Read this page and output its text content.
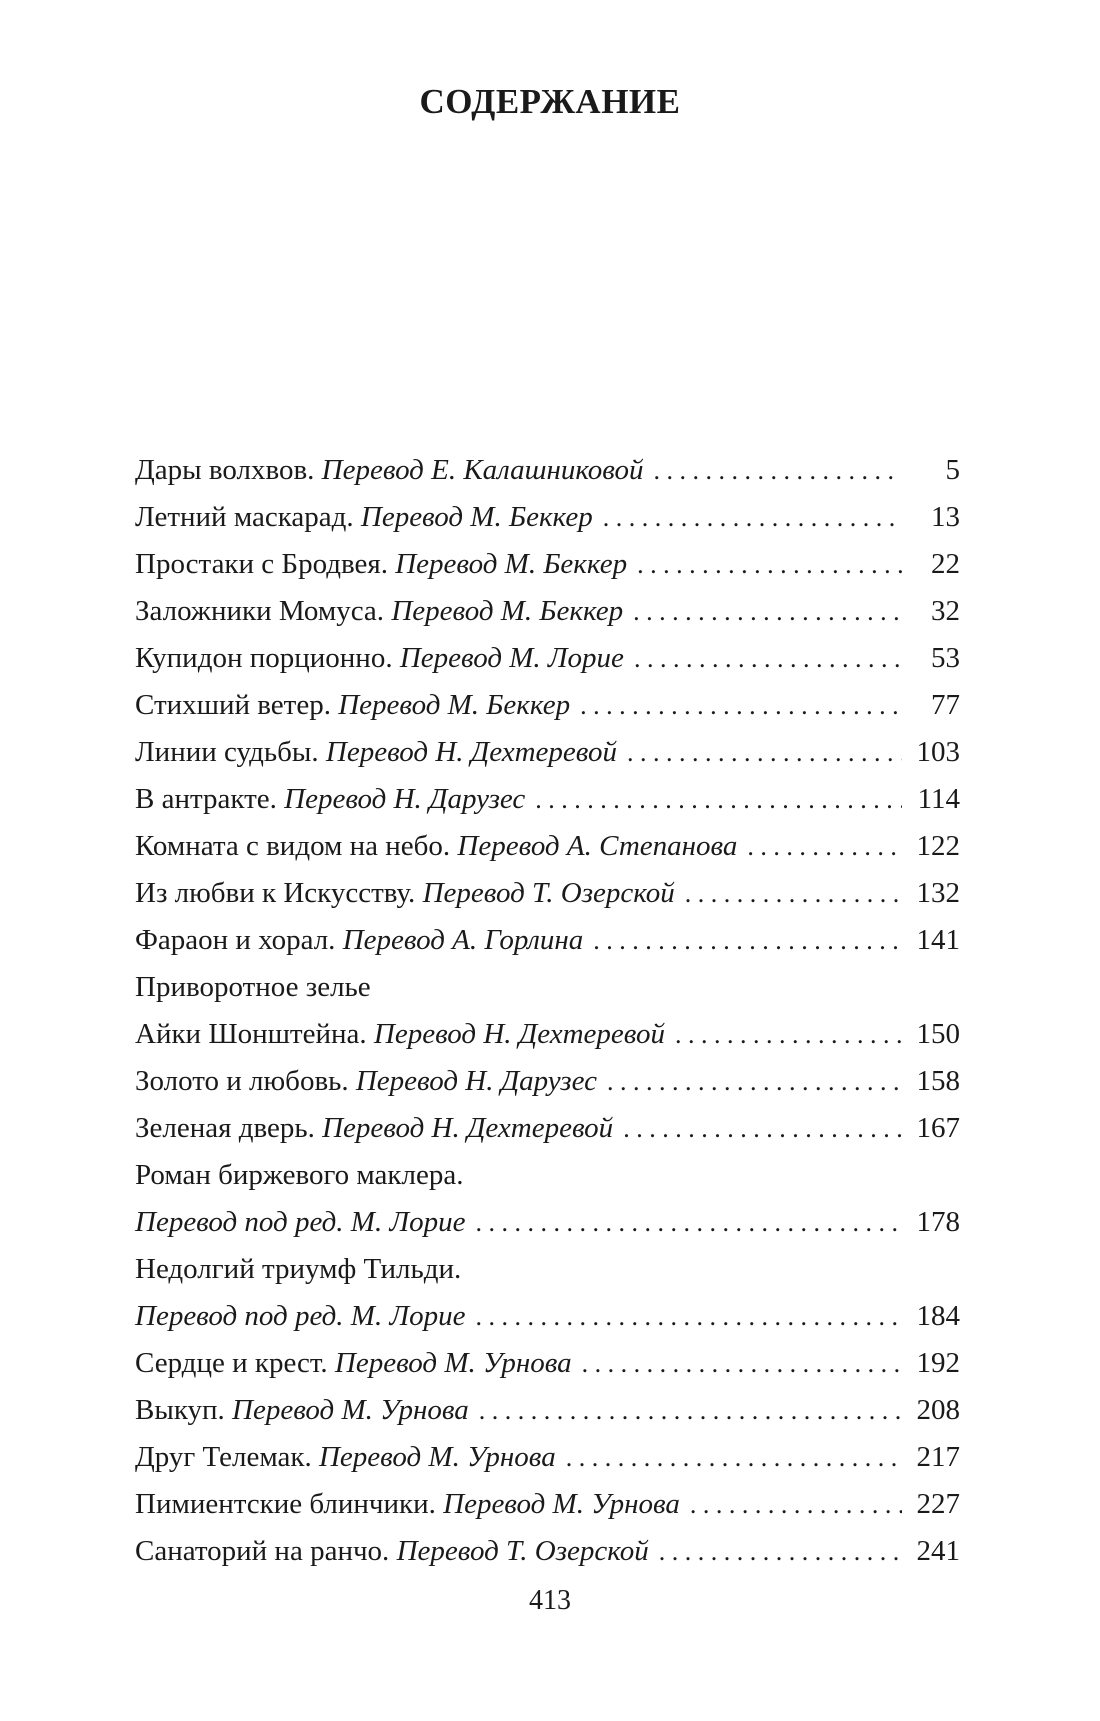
СОДЕРЖАНИЕ
Дары волхвов. Перевод Е. Калашниковой . . .	5
Летний маскарад. Перевод М. Беккер . . .	13
Простаки с Бродвея. Перевод М. Беккер . . .	22
Заложники Момуса. Перевод М. Беккер . . .	32
Купидон порционно. Перевод М. Лорие . . .	53
Стихший ветер. Перевод М. Беккер . . .	77
Линии судьбы. Перевод Н. Дехтеревой . . .	103
В антракте. Перевод Н. Дарузес . . .	114
Комната с видом на небо. Перевод А. Степанова . . .	122
Из любви к Искусству. Перевод Т. Озерской . . .	132
Фараон и хорал. Перевод А. Горлина . . .	141
Приворотное зелье
Айки Шонштейна. Перевод Н. Дехтеревой . . .	150
Золото и любовь. Перевод Н. Дарузес . . .	158
Зеленая дверь. Перевод Н. Дехтеревой . . .	167
Роман биржевого маклера.
Перевод под ред. М. Лорие . . .	178
Недолгий триумф Тильди.
Перевод под ред. М. Лорие . . .	184
Сердце и крест. Перевод М. Урнова . . .	192
Выкуп. Перевод М. Урнова . . .	208
Друг Телемак. Перевод М. Урнова . . .	217
Пимиентские блинчики. Перевод М. Урнова . . .	227
Санаторий на ранчо. Перевод Т. Озерской . . .	241
413
